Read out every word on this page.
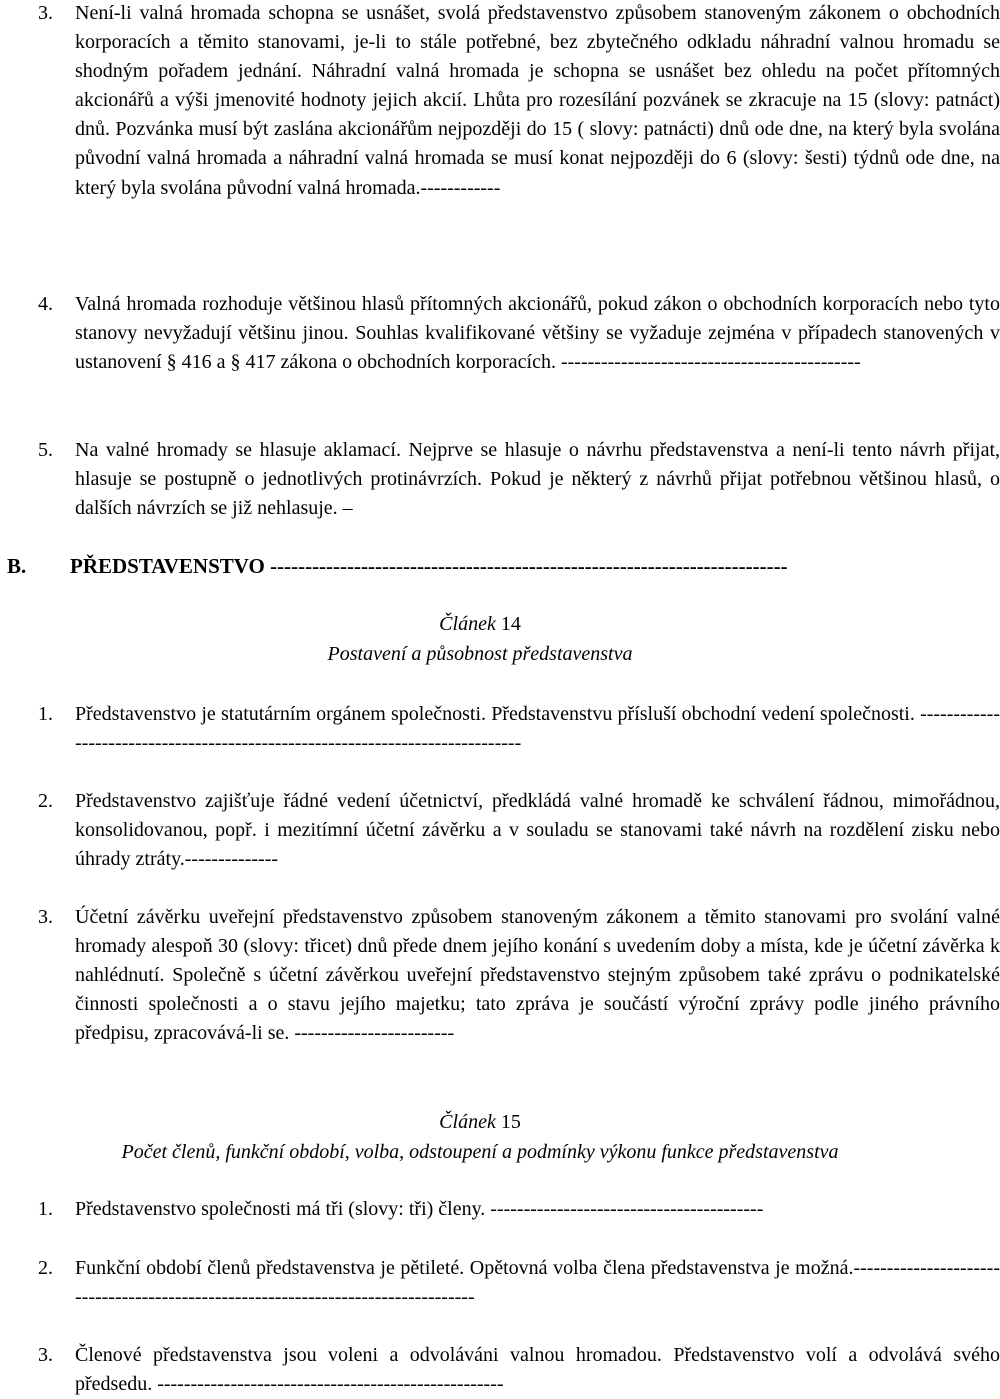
3. Není-li valná hromada schopna se usnášet, svolá představenstvo způsobem stanoveným zákonem o obchodních korporacích a těmito stanovami, je-li to stále potřebné, bez zbytečného odkladu náhradní valnou hromadu se shodným pořadem jednání. Náhradní valná hromada je schopna se usnášet bez ohledu na počet přítomných akcionářů a výši jmenovité hodnoty jejich akcií. Lhůta pro rozesílání pozvánek se zkracuje na 15 (slovy: patnáct) dnů. Pozvánka musí být zaslána akcionářům nejpozději do 15 ( slovy: patnácti) dnů ode dne, na který byla svolána původní valná hromada a náhradní valná hromada se musí konat nejpozději do 6 (slovy: šesti) týdnů ode dne, na který byla svolána původní valná hromada.------------
4. Valná hromada rozhoduje většinou hlasů přítomných akcionářů, pokud zákon o obchodních korporacích nebo tyto stanovy nevyžadují většinu jinou. Souhlas kvalifikované většiny se vyžaduje zejména v případech stanovených v ustanovení § 416 a § 417 zákona o obchodních korporacích. ---------------------------------------------
5. Na valné hromady se hlasuje aklamací. Nejprve se hlasuje o návrhu představenstva a není-li tento návrh přijat, hlasuje se postupně o jednotlivých protinávrzích. Pokud je některý z návrhů přijat potřebnou většinou hlasů, o dalších návrzích se již nehlasuje. –
B. PŘEDSTAVENSTVO --------------------------------------------------------------------------
Článek 14
Postavení a působnost představenstva
1. Představenstvo je statutárním orgánem společnosti. Představenstvu přísluší obchodní vedení společnosti. -------------------------------------------------------------------------------
2. Představenstvo zajišťuje řádné vedení účetnictví, předkládá valné hromadě ke schválení řádnou, mimořádnou, konsolidovanou, popř. i mezitímní účetní závěrku a v souladu se stanovami také návrh na rozdělení zisku nebo úhrady ztráty.--------------
3. Účetní závěrku uveřejní představenstvo způsobem stanoveným zákonem a těmito stanovami pro svolání valné hromady alespoň 30 (slovy: třicet) dnů přede dnem jejího konání s uvedením doby a místa, kde je účetní závěrka k nahlédnutí. Společně s účetní závěrkou uveřejní představenstvo stejným způsobem také zprávu o podnikatelské činnosti společnosti a o stavu jejího majetku; tato zpráva je součástí výroční zprávy podle jiného právního předpisu, zpracovává-li se. ------------------------
Článek 15
Počet členů, funkční období, volba, odstoupení a podmínky výkonu funkce představenstva
1. Představenstvo společnosti má tři (slovy: tři) členy. -----------------------------------------
2. Funkční období členů představenstva je pětileté. Opětovná volba člena představenstva je možná.----------------------------------------------------------------------------------
3. Členové představenstva jsou voleni a odvoláváni valnou hromadou. Představenstvo volí a odvolává svého předsedu. ----------------------------------------------------
